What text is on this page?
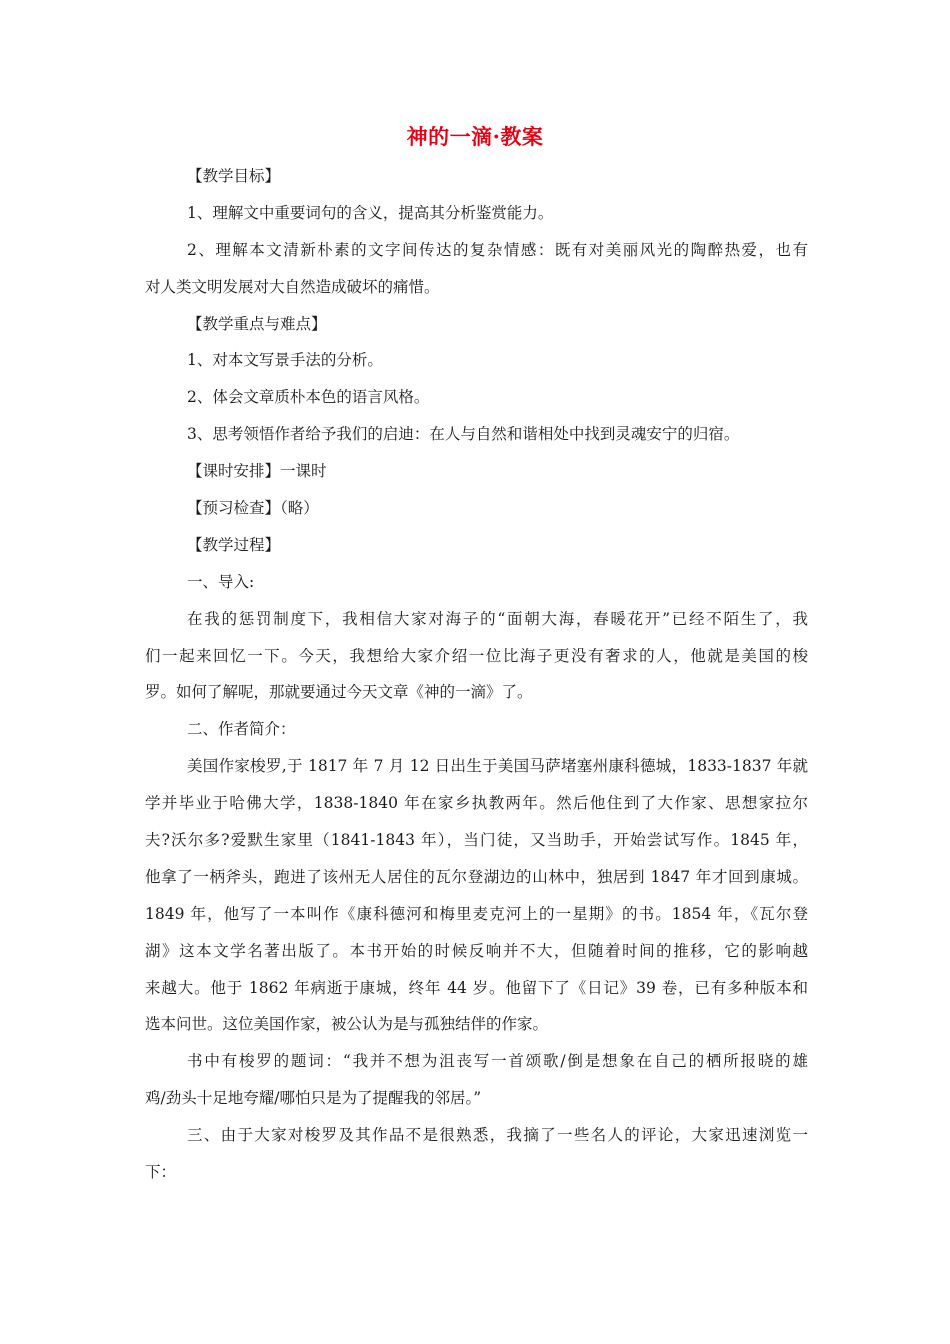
神的一滴·教案
【教学目标】
1、理解文中重要词句的含义，提高其分析鉴赏能力。
2、理解本文清新朴素的文字间传达的复杂情感：既有对美丽风光的陶醉热爱，也有
对人类文明发展对大自然造成破坏的痛惜。
【教学重点与难点】
1、对本文写景手法的分析。
2、体会文章质朴本色的语言风格。
3、思考领悟作者给予我们的启迪：在人与自然和谐相处中找到灵魂安宁的归宿。
【课时安排】一课时
【预习检查】（略）
【教学过程】
一、导入:
在我的惩罚制度下，我相信大家对海子的“面朝大海，春暖花开”已经不陌生了，我
们一起来回忆一下。今天，我想给大家介绍一位比海子更没有奢求的人，他就是美国的梭
罗。如何了解呢，那就要通过今天文章《神的一滴》了。
二、作者简介：
美国作家梭罗,于 1817 年 7 月 12 日出生于美国马萨堵塞州康科德城，1833-1837 年就
学并毕业于哈佛大学，1838-1840 年在家乡执教两年。然后他住到了大作家、思想家拉尔
夫?沃尔多?爱默生家里（1841-1843 年），当门徒，又当助手，开始尝试写作。1845 年，
他拿了一柄斧头，跑进了该州无人居住的瓦尔登湖边的山林中，独居到 1847 年才回到康城。
1849 年，他写了一本叫作《康科德河和梅里麦克河上的一星期》的书。1854 年，《瓦尔登
湖》这本文学名著出版了。本书开始的时候反响并不大，但随着时间的推移，它的影响越
来越大。他于 1862 年病逝于康城，终年 44 岁。他留下了《日记》39 卷，已有多种版本和
选本问世。这位美国作家，被公认为是与孤独结伴的作家。
书中有梭罗的题词：“我并不想为沮丧写一首颂歌/倒是想象在自己的栖所报晓的雄
鸡/劲头十足地夸耀/哪怕只是为了提醒我的邻居。”
三、由于大家对梭罗及其作品不是很熟悉，我摘了一些名人的评论，大家迅速浏览一
下：
